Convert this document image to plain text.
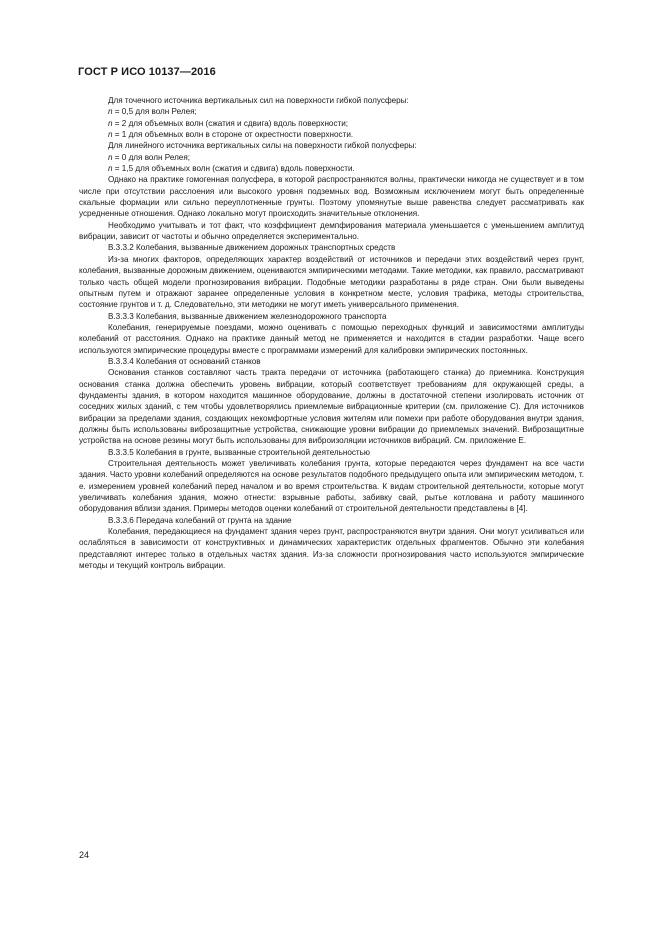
ГОСТ Р ИСО 10137—2016

Для точечного источника вертикальных сил на поверхности гибкой полусферы:

n = 0,5 для волн Релея;

n = 2 для объемных волн (сжатия и сдвига) вдоль поверхности;

n = 1 для объемных волн в стороне от окрестности поверхности.

Для линейного источника вертикальных силы на поверхности гибкой полусферы:

n = 0 для волн Релея;

n = 1,5 для объемных волн (сжатия и сдвига) вдоль поверхности.

Однако на практике гомогенная полусфера, в которой распространяются волны, практически никогда не существует и в том числе при отсутствии расслоения или высокого уровня подземных вод. Возможным исключением могут быть определенные скальные формации или сильно переуплотненные грунты. Поэтому упомянутые выше равенства следует рассматривать как усредненные отношения. Однако локально могут происходить значительные отклонения.

Необходимо учитывать и тот факт, что коэффициент демпфирования материала уменьшается с уменьшением амплитуд вибрации, зависит от частоты и обычно определяется экспериментально.

B.3.3.2 Колебания, вызванные движением дорожных транспортных средств

Из-за многих факторов, определяющих характер воздействий от источников и передачи этих воздействий через грунт, колебания, вызванные дорожным движением, оцениваются эмпирическими методами. Такие методики, как правило, рассматривают только часть общей модели прогнозирования вибрации. Подобные методики разработаны в ряде стран. Они были выведены опытным путем и отражают заранее определенные условия в конкретном месте, условия трафика, методы строительства, состояние грунтов и т. д. Следовательно, эти методики не могут иметь универсального применения.

B.3.3.3 Колебания, вызванные движением железнодорожного транспорта

Колебания, генерируемые поездами, можно оценивать с помощью переходных функций и зависимостями амплитуды колебаний от расстояния. Однако на практике данный метод не применяется и находится в стадии разработки. Чаще всего используются эмпирические процедуры вместе с программами измерений для калибровки эмпирических постоянных.

B.3.3.4 Колебания от оснований станков

Основания станков составляют часть тракта передачи от источника (работающего станка) до приемника. Конструкция основания станка должна обеспечить уровень вибрации, который соответствует требованиям для окружающей среды, а фундаменты здания, в котором находится машинное оборудование, должны в достаточной степени изолировать источник от соседних жилых зданий, с тем чтобы удовлетворялись приемлемые вибрационные критерии (см. приложение C). Для источников вибрации за пределами здания, создающих некомфортные условия жителям или помехи при работе оборудования внутри здания, должны быть использованы виброзащитные устройства, снижающие уровни вибрации до приемлемых значений. Виброзащитные устройства на основе резины могут быть использованы для виброизоляции источников вибраций. См. приложение E.

B.3.3.5 Колебания в грунте, вызванные строительной деятельностью

Строительная деятельность может увеличивать колебания грунта, которые передаются через фундамент на все части здания. Часто уровни колебаний определяются на основе результатов подобного предыдущего опыта или эмпирическим методом, т. е. измерением уровней колебаний перед началом и во время строительства. К видам строительной деятельности, которые могут увеличивать колебания здания, можно отнести: взрывные работы, забивку свай, рытье котлована и работу машинного оборудования вблизи здания. Примеры методов оценки колебаний от строительной деятельности представлены в [4].

B.3.3.6 Передача колебаний от грунта на здание

Колебания, передающиеся на фундамент здания через грунт, распространяются внутри здания. Они могут усиливаться или ослабляться в зависимости от конструктивных и динамических характеристик отдельных фрагментов. Обычно эти колебания представляют интерес только в отдельных частях здания. Из-за сложности прогнозирования часто используются эмпирические методы и текущий контроль вибрации.

24
